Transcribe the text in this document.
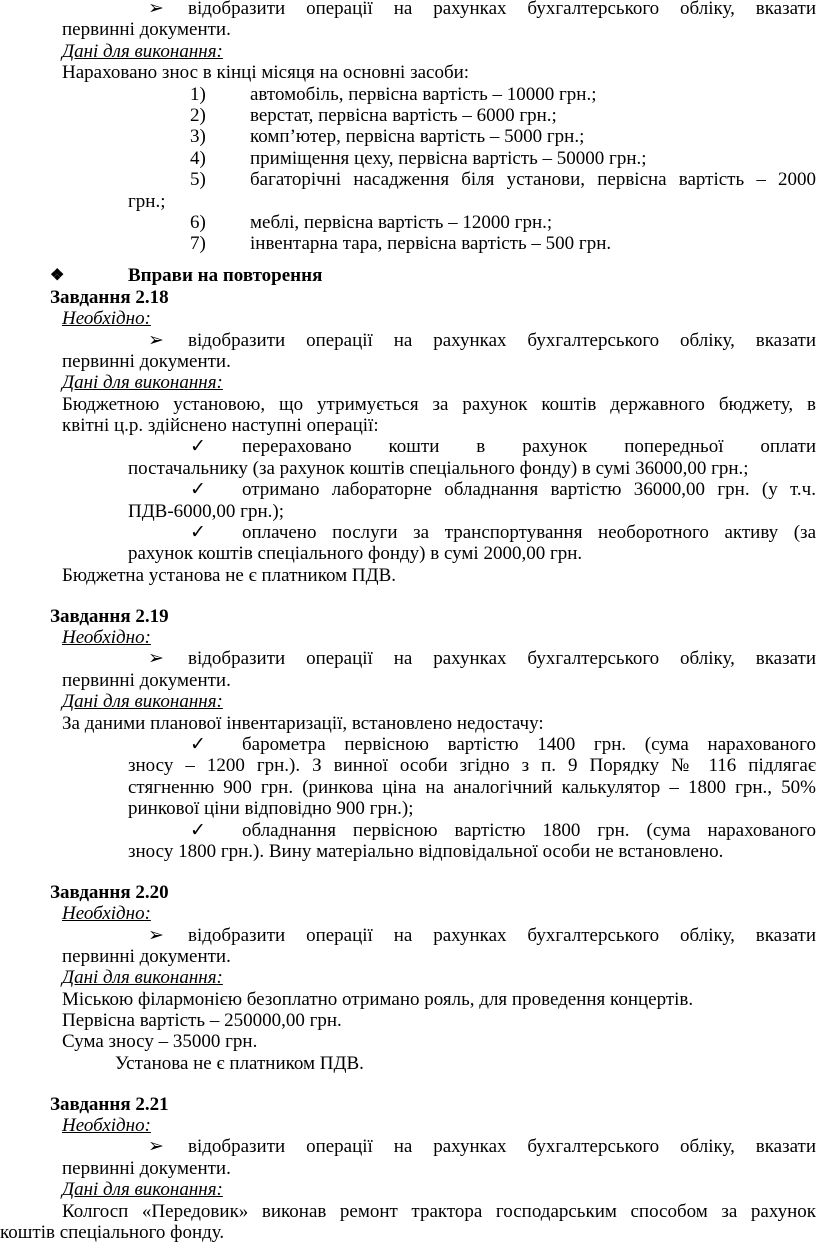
➢ відобразити операції на рахунках бухгалтерського обліку, вказати
первинні документи.
Дані для виконання:
Нараховано знос в кінці місяця на основні засоби:
1) автомобіль, первісна вартість – 10000 грн.;
2) верстат, первісна вартість – 6000 грн.;
3) комп’ютер, первісна вартість – 5000 грн.;
4) приміщення цеху, первісна вартість – 50000 грн.;
5) багаторічні насадження біля установи, первісна вартість – 2000
грн.;
6) меблі, первісна вартість – 12000 грн.;
7) інвентарна тара, первісна вартість – 500 грн.
❖	Вправи на повторення
Завдання 2.18
Необхідно:
➢ відобразити операції на рахунках бухгалтерського обліку, вказати
первинні документи.
Дані для виконання:
Бюджетною установою, що утримується за рахунок коштів державного бюджету, в
квітні ц.р. здійснено наступні операції:
✓ перераховано кошти в рахунок попередньої оплати
постачальнику (за рахунок коштів спеціального фонду) в сумі 36000,00 грн.;
✓ отримано лабораторне обладнання вартістю 36000,00 грн. (у т.ч.
ПДВ-6000,00 грн.);
✓ оплачено послуги за транспортування необоротного активу (за
рахунок коштів спеціального фонду) в сумі 2000,00 грн.
Бюджетна установа не є платником ПДВ.
Завдання 2.19
Необхідно:
➢ відобразити операції на рахунках бухгалтерського обліку, вказати
первинні документи.
Дані для виконання:
За даними планової інвентаризації, встановлено недостачу:
✓ барометра первісною вартістю 1400 грн. (сума нарахованого
зносу – 1200 грн.). З винної особи згідно з п. 9 Порядку № 116 підлягає
стягненню 900 грн. (ринкова ціна на аналогічний калькулятор – 1800 грн., 50%
ринкової ціни відповідно 900 грн.);
✓ обладнання первісною вартістю 1800 грн. (сума нарахованого
зносу 1800 грн.). Вину матеріально відповідальної особи не встановлено.
Завдання 2.20
Необхідно:
➢ відобразити операції на рахунках бухгалтерського обліку, вказати
первинні документи.
Дані для виконання:
Міською філармонією безоплатно отримано рояль, для проведення концертів.
Первісна вартість – 250000,00 грн.
Сума зносу – 35000 грн.
Установа не є платником ПДВ.
Завдання 2.21
Необхідно:
➢ відобразити операції на рахунках бухгалтерського обліку, вказати
первинні документи.
Дані для виконання:
Колгосп «Передовик» виконав ремонт трактора господарським способом за рахунок
коштів спеціального фонду.
